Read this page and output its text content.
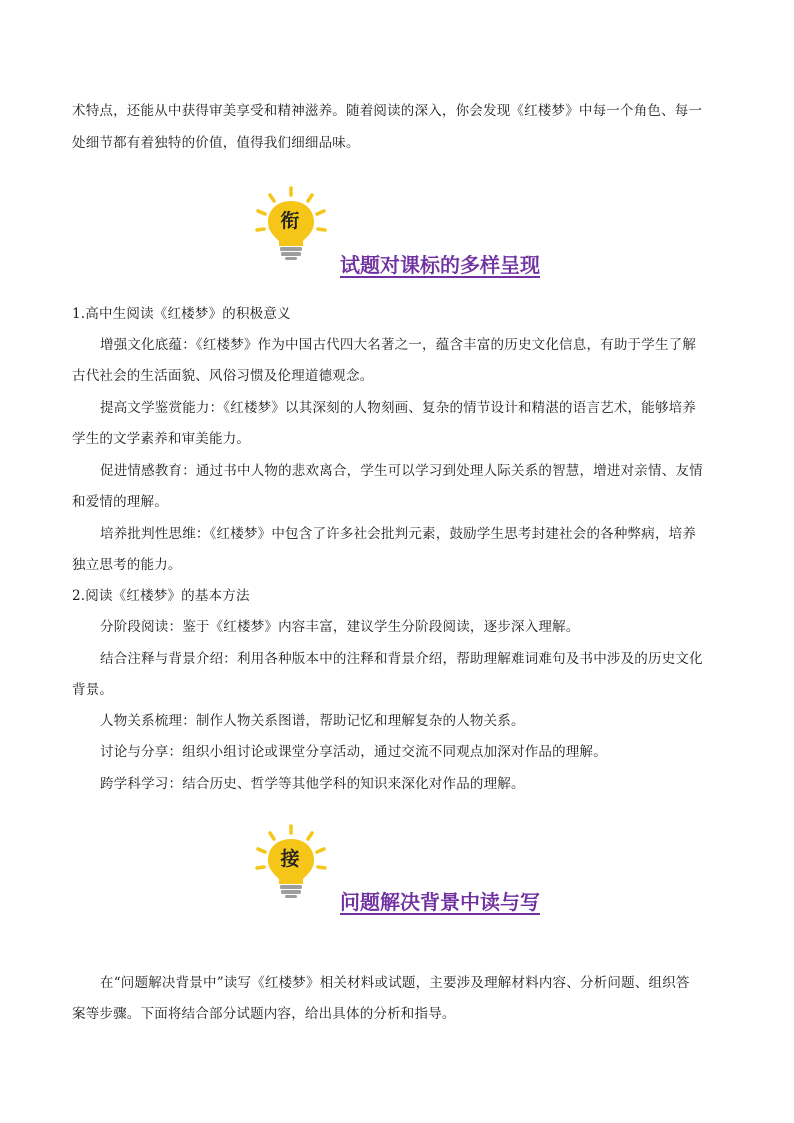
术特点，还能从中获得审美享受和精神滋养。随着阅读的深入，你会发现《红楼梦》中每一个角色、每一
处细节都有着独特的价值，值得我们细细品味。
衔
试题对课标的多样呈现
1.高中生阅读《红楼梦》的积极意义
增强文化底蕴：《红楼梦》作为中国古代四大名著之一，蕴含丰富的历史文化信息，有助于学生了解
古代社会的生活面貌、风俗习惯及伦理道德观念。
提高文学鉴赏能力：《红楼梦》以其深刻的人物刻画、复杂的情节设计和精湛的语言艺术，能够培养
学生的文学素养和审美能力。
促进情感教育：通过书中人物的悲欢离合，学生可以学习到处理人际关系的智慧，增进对亲情、友情
和爱情的理解。
培养批判性思维：《红楼梦》中包含了许多社会批判元素，鼓励学生思考封建社会的各种弊病，培养
独立思考的能力。
2.阅读《红楼梦》的基本方法
分阶段阅读：鉴于《红楼梦》内容丰富，建议学生分阶段阅读，逐步深入理解。
结合注释与背景介绍：利用各种版本中的注释和背景介绍，帮助理解难词难句及书中涉及的历史文化
背景。
人物关系梳理：制作人物关系图谱，帮助记忆和理解复杂的人物关系。
讨论与分享：组织小组讨论或课堂分享活动，通过交流不同观点加深对作品的理解。
跨学科学习：结合历史、哲学等其他学科的知识来深化对作品的理解。
接
问题解决背景中读与写
在“问题解决背景中”读写《红楼梦》相关材料或试题，主要涉及理解材料内容、分析问题、组织答
案等步骤。下面将结合部分试题内容，给出具体的分析和指导。
